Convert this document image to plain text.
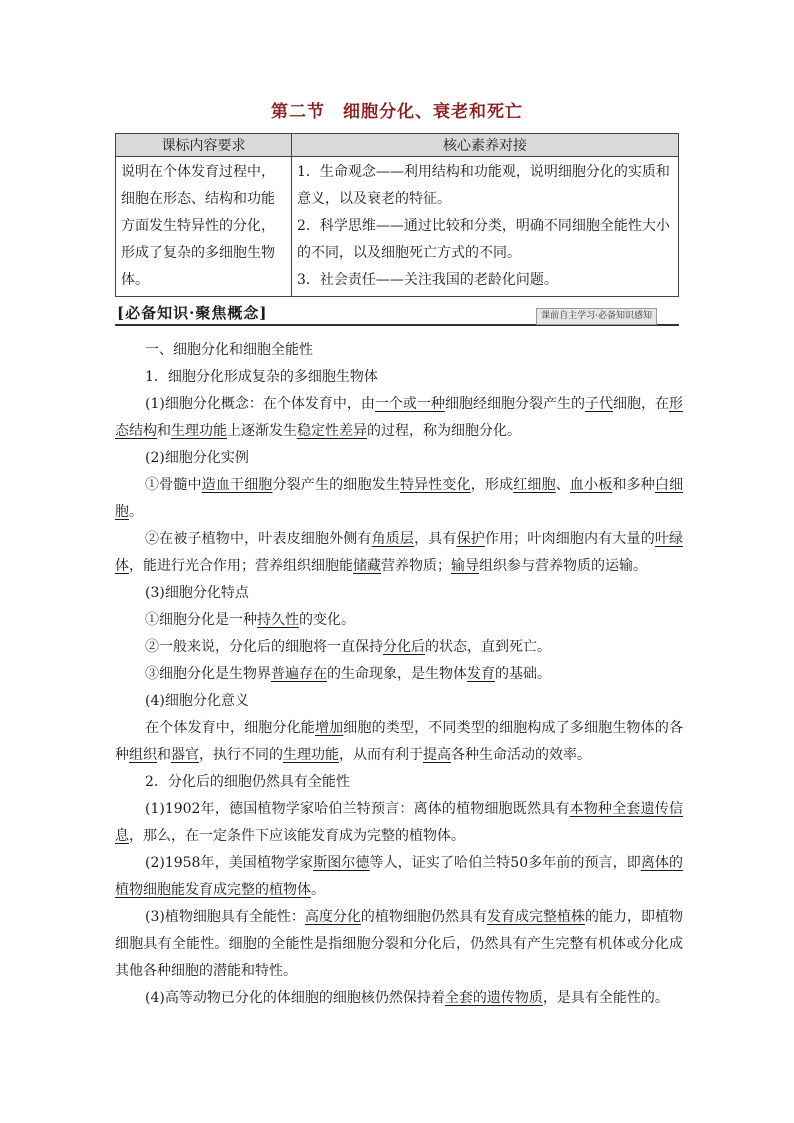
第二节 细胞分化、衰老和死亡
课标内容要求	核心素养对接
说明在个体发育过程中，细胞在形态、结构和功能方面发生特异性的分化，形成了复杂的多细胞生物体。	1．生命观念——利用结构和功能观，说明细胞分化的实质和意义，以及衰老的特征。
2．科学思维——通过比较和分类，明确不同细胞全能性大小的不同，以及细胞死亡方式的不同。
3．社会责任——关注我国的老龄化问题。
[必备知识·聚焦概念]	课前自主学习·必备知识感知

一、细胞分化和细胞全能性

1．细胞分化形成复杂的多细胞生物体

(1)细胞分化概念：在个体发育中，由一个或一种细胞经细胞分裂产生的子代细胞，在形态结构和生理功能上逐渐发生稳定性差异的过程，称为细胞分化。

(2)细胞分化实例

①骨髓中造血干细胞分裂产生的细胞发生特异性变化，形成红细胞、血小板和多种白细胞。

②在被子植物中，叶表皮细胞外侧有角质层，具有保护作用；叶肉细胞内有大量的叶绿体，能进行光合作用；营养组织细胞能储藏营养物质；输导组织参与营养物质的运输。

(3)细胞分化特点

①细胞分化是一种持久性的变化。

②一般来说，分化后的细胞将一直保持分化后的状态，直到死亡。

③细胞分化是生物界普遍存在的生命现象，是生物体发育的基础。

(4)细胞分化意义

在个体发育中，细胞分化能增加细胞的类型，不同类型的细胞构成了多细胞生物体的各种组织和器官，执行不同的生理功能，从而有利于提高各种生命活动的效率。

2．分化后的细胞仍然具有全能性

(1)1902年，德国植物学家哈伯兰特预言：离体的植物细胞既然具有本物种全套遗传信息，那么，在一定条件下应该能发育成为完整的植物体。

(2)1958年，美国植物学家斯图尔德等人，证实了哈伯兰特50多年前的预言，即离体的植物细胞能发育成完整的植物体。

(3)植物细胞具有全能性：高度分化的植物细胞仍然具有发育成完整植株的能力，即植物细胞具有全能性。细胞的全能性是指细胞分裂和分化后，仍然具有产生完整有机体或分化成其他各种细胞的潜能和特性。

(4)高等动物已分化的体细胞的细胞核仍然保持着全套的遗传物质，是具有全能性的。
